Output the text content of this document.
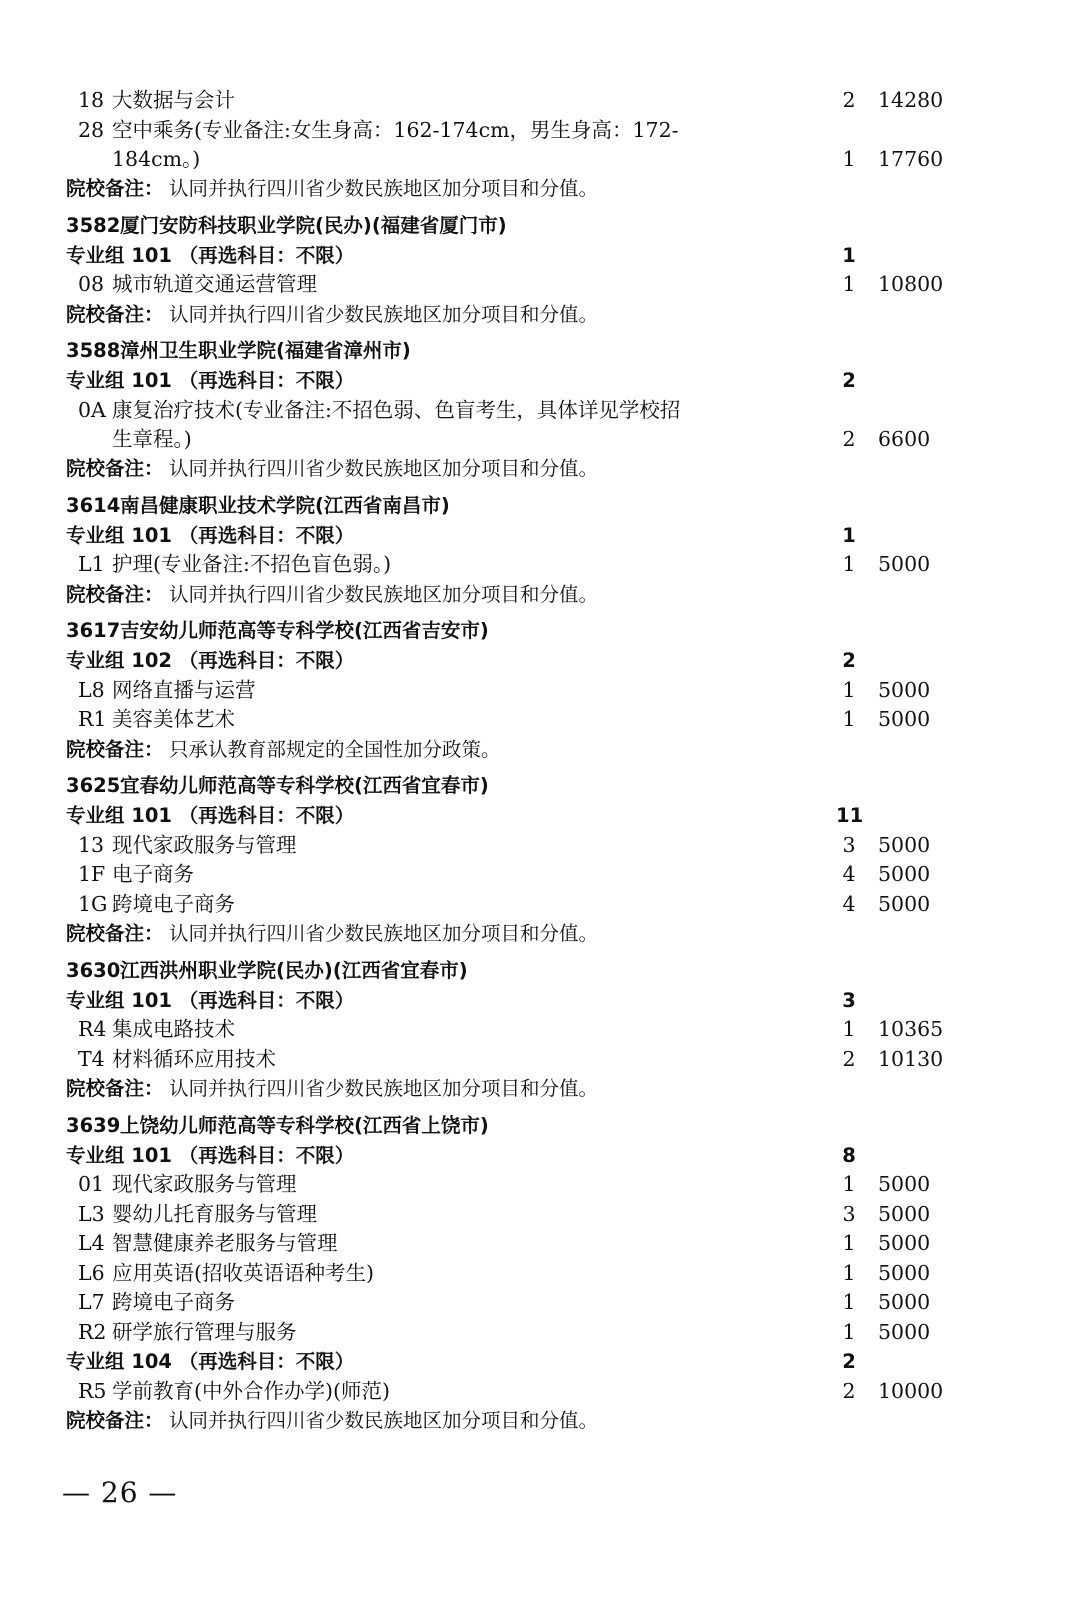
18 大数据与会计	2	14280
28 空中乘务(专业备注:女生身高：162-174cm，男生身高：172-
184cm。)	1	17760
院校备注： 认同并执行四川省少数民族地区加分项目和分值。
3582 厦门安防科技职业学院(民办)(福建省厦门市)
专业组 101 （再选科目：不限）	1
08 城市轨道交通运营管理	1	10800
院校备注： 认同并执行四川省少数民族地区加分项目和分值。
3588 漳州卫生职业学院(福建省漳州市)
专业组 101 （再选科目：不限）	2
0A 康复治疗技术(专业备注:不招色弱、色盲考生，具体详见学校招
生章程。)	2	6600
院校备注： 认同并执行四川省少数民族地区加分项目和分值。
3614 南昌健康职业技术学院(江西省南昌市)
专业组 101 （再选科目：不限）	1
L1 护理(专业备注:不招色盲色弱。)	1	5000
院校备注： 认同并执行四川省少数民族地区加分项目和分值。
3617 吉安幼儿师范高等专科学校(江西省吉安市)
专业组 102 （再选科目：不限）	2
L8 网络直播与运营	1	5000
R1 美容美体艺术	1	5000
院校备注： 只承认教育部规定的全国性加分政策。
3625 宜春幼儿师范高等专科学校(江西省宜春市)
专业组 101 （再选科目：不限）	11
13 现代家政服务与管理	3	5000
1F 电子商务	4	5000
1G 跨境电子商务	4	5000
院校备注： 认同并执行四川省少数民族地区加分项目和分值。
3630 江西洪州职业学院(民办)(江西省宜春市)
专业组 101 （再选科目：不限）	3
R4 集成电路技术	1	10365
T4 材料循环应用技术	2	10130
院校备注： 认同并执行四川省少数民族地区加分项目和分值。
3639 上饶幼儿师范高等专科学校(江西省上饶市)
专业组 101 （再选科目：不限）	8
01 现代家政服务与管理	1	5000
L3 婴幼儿托育服务与管理	3	5000
L4 智慧健康养老服务与管理	1	5000
L6 应用英语(招收英语语种考生)	1	5000
L7 跨境电子商务	1	5000
R2 研学旅行管理与服务	1	5000
专业组 104 （再选科目：不限）	2
R5 学前教育(中外合作办学)(师范)	2	10000
院校备注： 认同并执行四川省少数民族地区加分项目和分值。
— 26 —
